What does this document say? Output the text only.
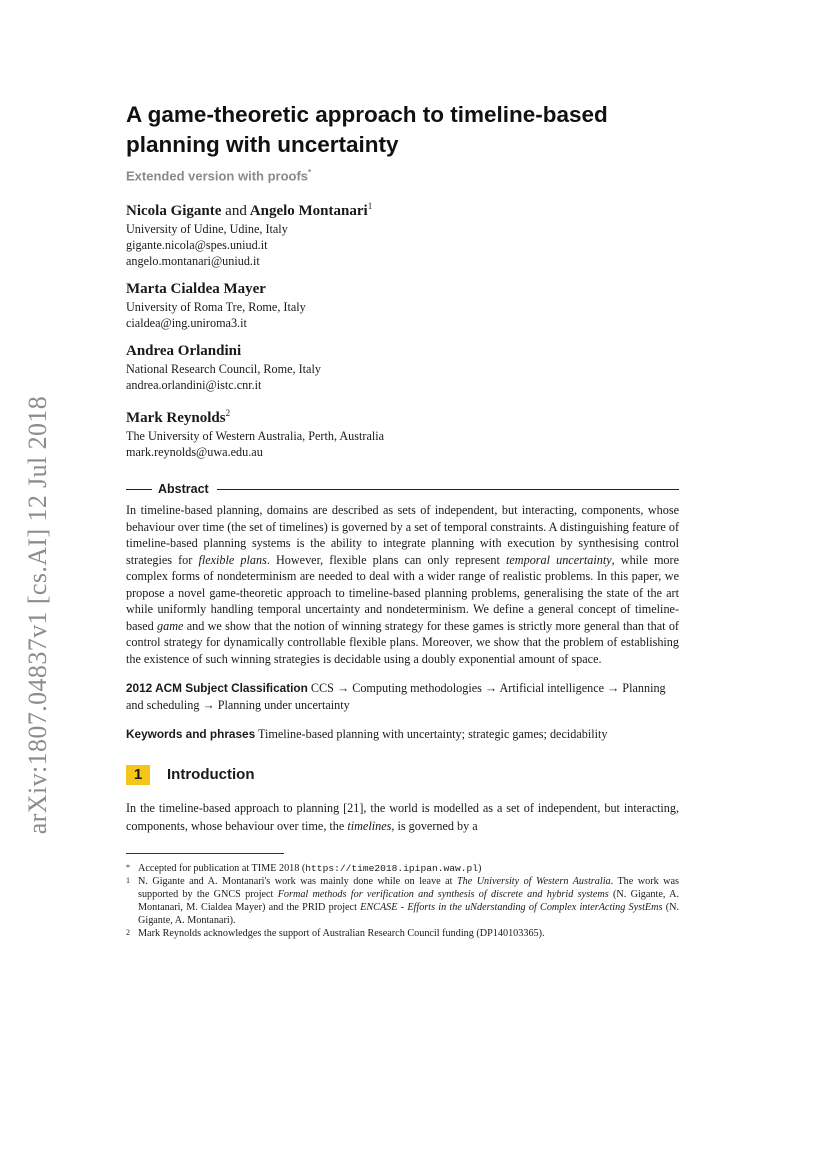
arXiv:1807.04837v1 [cs.AI] 12 Jul 2018
A game-theoretic approach to timeline-based
planning with uncertainty
Extended version with proofs*
Nicola Gigante and Angelo Montanari$^1$
University of Udine, Udine, Italy
gigante.nicola@spes.uniud.it
angelo.montanari@uniud.it
Marta Cialdea Mayer
University of Roma Tre, Rome, Italy
cialdea@ing.uniroma3.it
Andrea Orlandini
National Research Council, Rome, Italy
andrea.orlandini@istc.cnr.it
Mark Reynolds$^2$
The University of Western Australia, Perth, Australia
mark.reynolds@uwa.edu.au
Abstract
In timeline-based planning, domains are described as sets of independent, but interacting, components, whose behaviour over time (the set of timelines) is governed by a set of temporal constraints. A distinguishing feature of timeline-based planning systems is the ability to integrate planning with execution by synthesising control strategies for flexible plans. However, flexible plans can only represent temporal uncertainty, while more complex forms of nondeterminism are needed to deal with a wider range of realistic problems. In this paper, we propose a novel game-theoretic approach to timeline-based planning problems, generalising the state of the art while uniformly handling temporal uncertainty and nondeterminism. We define a general concept of timeline-based game and we show that the notion of winning strategy for these games is strictly more general than that of control strategy for dynamically controllable flexible plans. Moreover, we show that the problem of establishing the existence of such winning strategies is decidable using a doubly exponential amount of space.
2012 ACM Subject Classification CCS → Computing methodologies → Artificial intelligence → Planning and scheduling → Planning under uncertainty
Keywords and phrases Timeline-based planning with uncertainty; strategic games; decidability
1	Introduction
In the timeline-based approach to planning [21], the world is modelled as a set of independent, but interacting, components, whose behaviour over time, the timelines, is governed by a
* Accepted for publication at TIME 2018 (https://time2018.ipipan.waw.pl)
1 N. Gigante and A. Montanari's work was mainly done while on leave at The University of Western Australia. The work was supported by the GNCS project Formal methods for verification and synthesis of discrete and hybrid systems (N. Gigante, A. Montanari, M. Cialdea Mayer) and the PRID project ENCASE - Efforts in the uNderstanding of Complex interActing SystEms (N. Gigante, A. Montanari).
2 Mark Reynolds acknowledges the support of Australian Research Council funding (DP140103365).
